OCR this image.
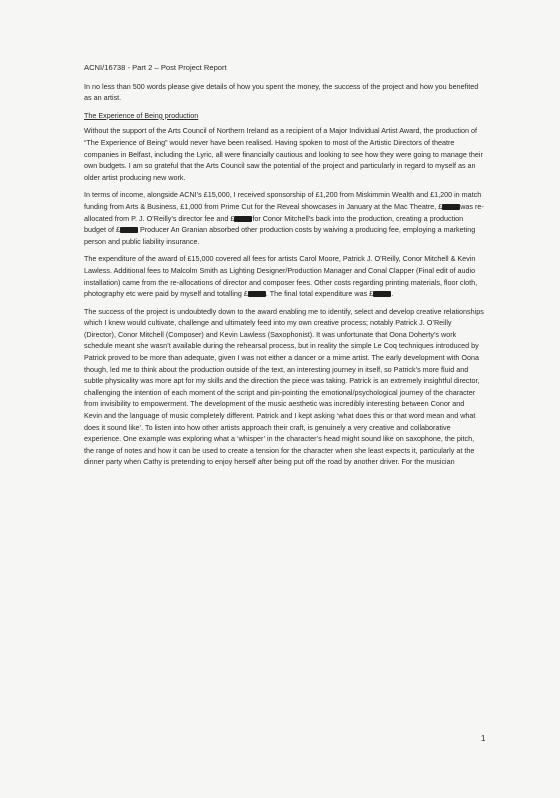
ACNI/16738 - Part 2 – Post Project Report

In no less than 500 words please give details of how you spent the money, the success of the project and how you benefited as an artist.

The Experience of Being production

Without the support of the Arts Council of Northern Ireland as a recipient of a Major Individual Artist Award, the production of “The Experience of Being” would never have been realised. Having spoken to most of the Artistic Directors of theatre companies in Belfast, including the Lyric, all were financially cautious and looking to see how they were going to manage their own budgets. I am so grateful that the Arts Council saw the potential of the project and particularly in regard to myself as an older artist producing new work.

In terms of income, alongside ACNI’s £15,000, I received sponsorship of £1,200 from Miskimmin Wealth and £1,200 in match funding from Arts & Business, £1,000 from Prime Cut for the Reveal showcases in January at the Mac Theatre, £	was re-allocated from P. J. O’Reilly’s director fee and £	for Conor Mitchell’s back into the production, creating a production budget of £	Producer An Granian absorbed other production costs by waiving a producing fee, employing a marketing person and public liability insurance.

The expenditure of the award of £15,000 covered all fees for artists Carol Moore, Patrick J. O’Reilly, Conor Mitchell & Kevin Lawless. Additional fees to Malcolm Smith as Lighting Designer/Production Manager and Conal Clapper (Final edit of audio installation) came from the re-allocations of director and composer fees. Other costs regarding printing materials, floor cloth, photography etc were paid by myself and totalling £	. The final total expenditure was £	.

The success of the project is undoubtedly down to the award enabling me to identify, select and develop creative relationships which I knew would cultivate, challenge and ultimately feed into my own creative process; notably Patrick J. O’Reilly (Director), Conor Mitchell (Composer) and Kevin Lawless (Saxophonist). It was unfortunate that Oona Doherty’s work schedule meant she wasn’t available during the rehearsal process, but in reality the simple Le Coq techniques introduced by Patrick proved to be more than adequate, given I was not either a dancer or a mime artist. The early development with Oona though, led me to think about the production outside of the text, an interesting journey in itself, so Patrick’s more fluid and subtle physicality was more apt for my skills and the direction the piece was taking. Patrick is an extremely insightful director, challenging the intention of each moment of the script and pin-pointing the emotional/psychological journey of the character from invisibility to empowerment. The development of the music aesthetic was incredibly interesting between Conor and Kevin and the language of music completely different. Patrick and I kept asking ‘what does this or that word mean and what does it sound like’. To listen into how other artists approach their craft, is genuinely a very creative and collaborative experience. One example was exploring what a ‘whisper’ in the character’s head might sound like on saxophone, the pitch, the range of notes and how it can be used to create a tension for the character when she least expects it, particularly at the dinner party when Cathy is pretending to enjoy herself after being put off the road by another driver. For the musician

1
